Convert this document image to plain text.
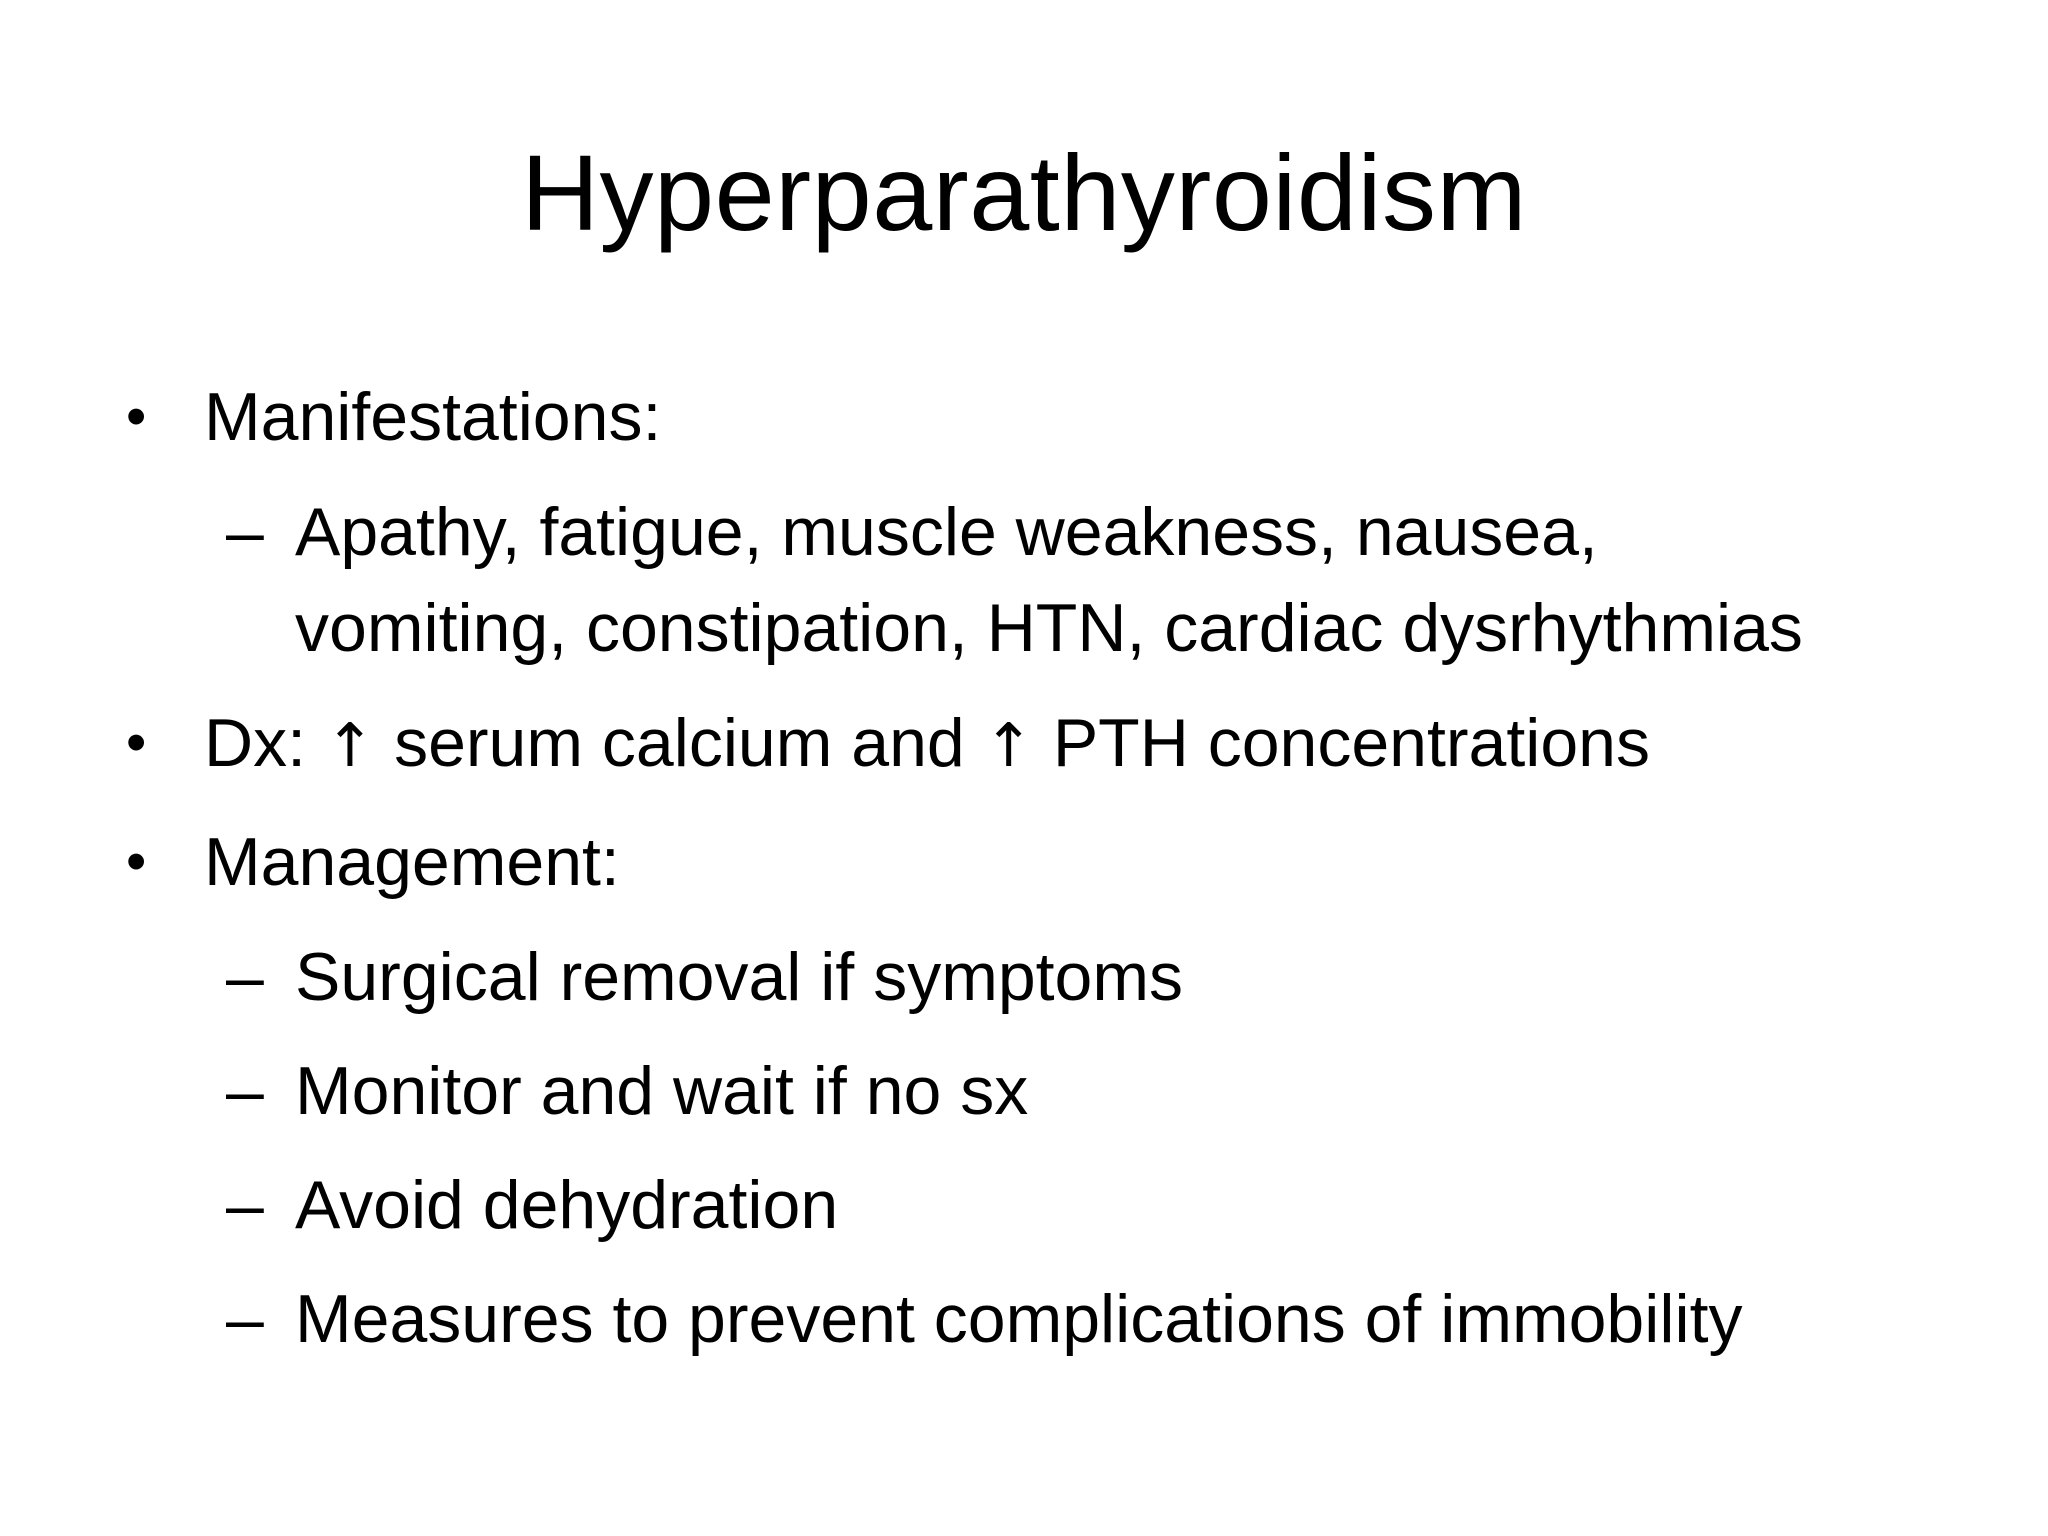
Hyperparathyroidism
• Manifestations:
– Apathy, fatigue, muscle weakness, nausea,
vomiting, constipation, HTN, cardiac dysrhythmias
• Dx: ↑ serum calcium and ↑ PTH concentrations
• Management:
– Surgical removal if symptoms
– Monitor and wait if no sx
– Avoid dehydration
– Measures to prevent complications of immobility
